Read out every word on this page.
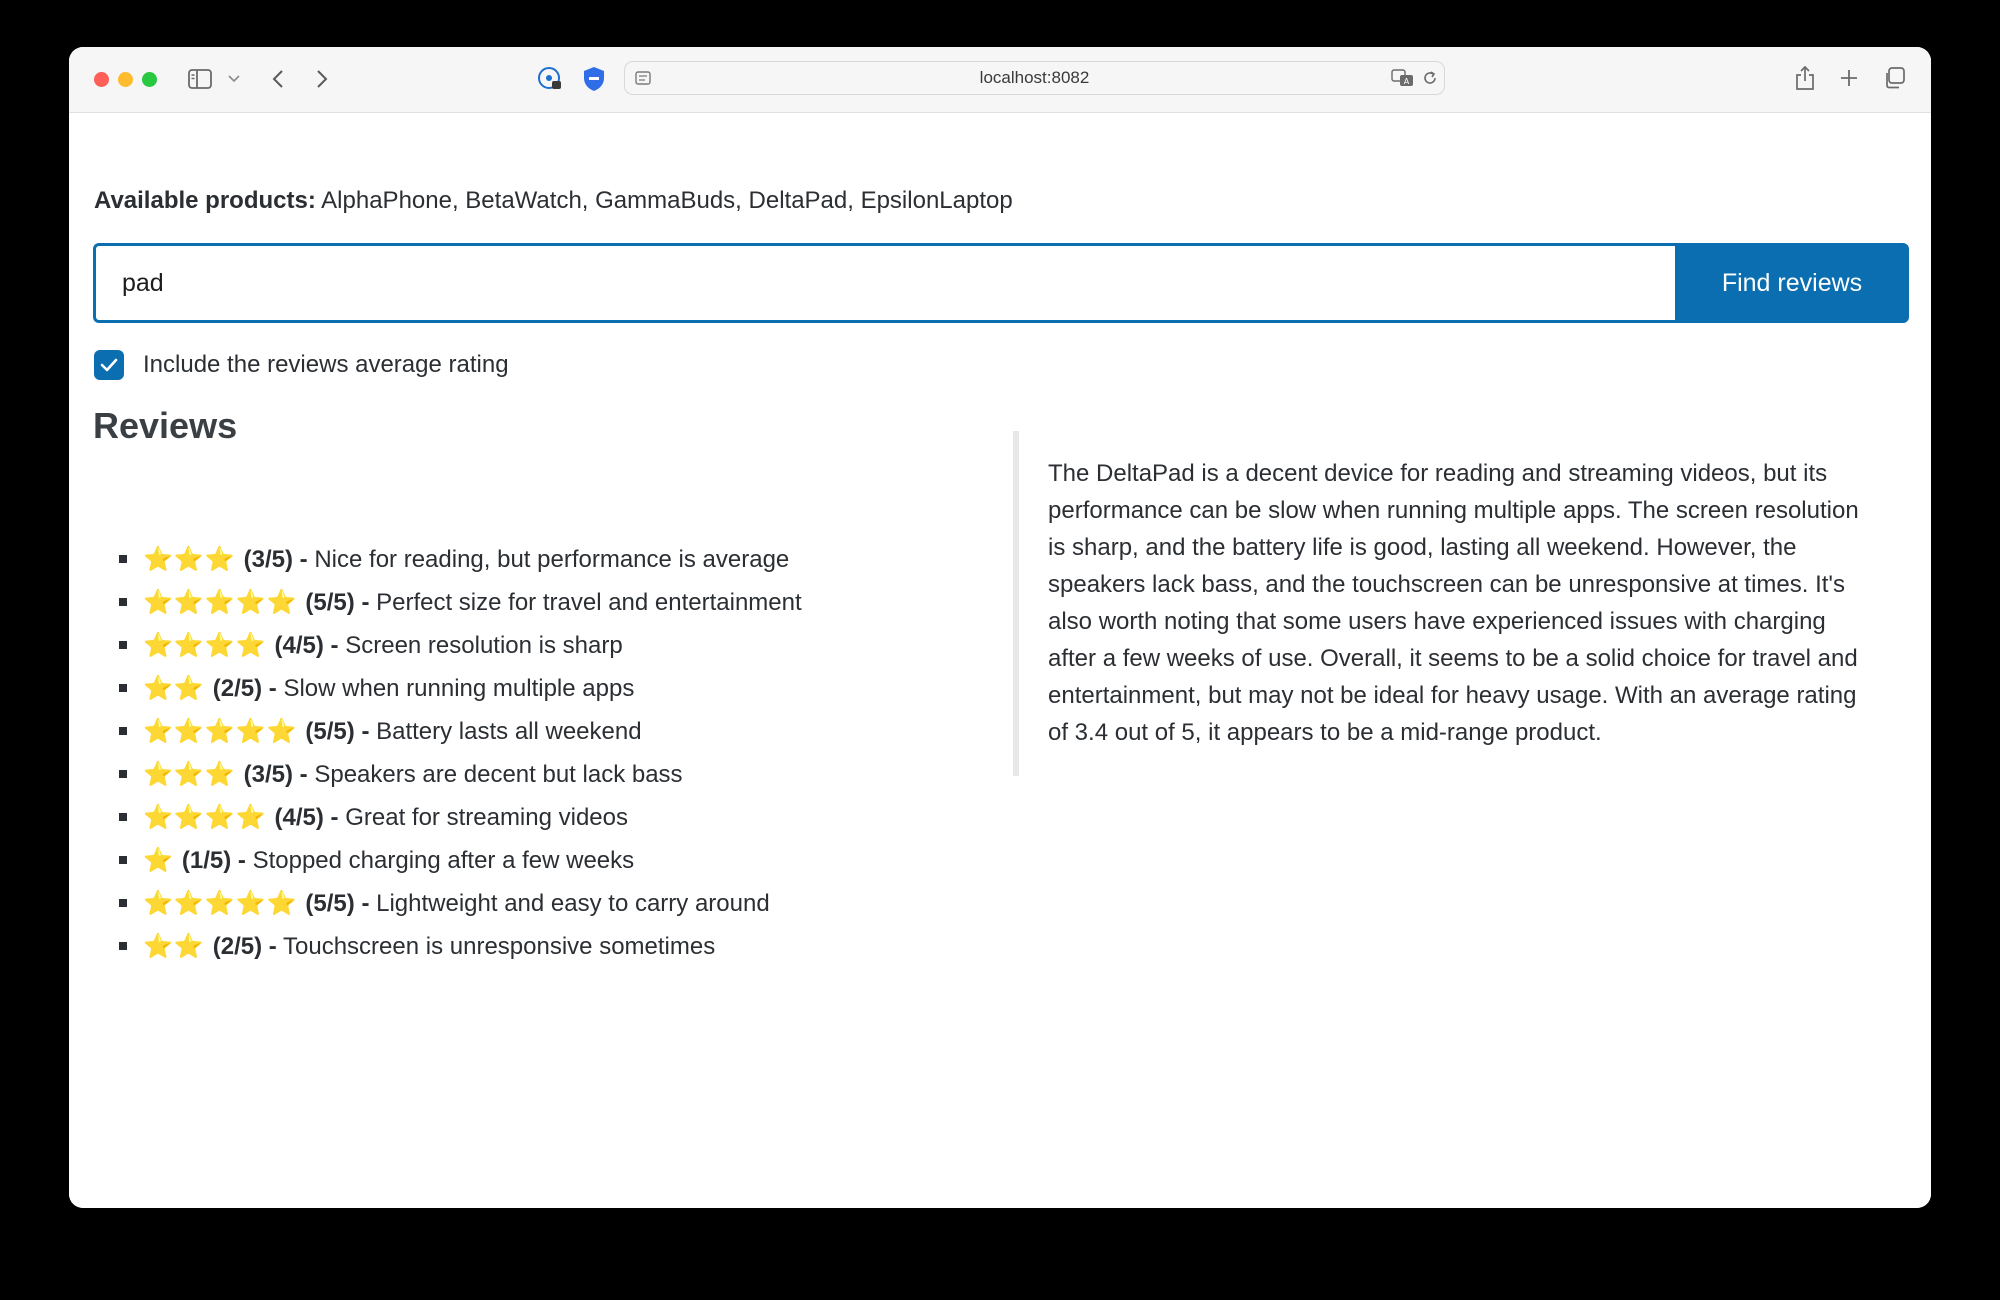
localhost:8082	A
Available products: AlphaPhone, BetaWatch, GammaBuds, DeltaPad, EpsilonLaptop
pad
Find reviews
Include the reviews average rating
Reviews
⭐⭐⭐ (3/5) - Nice for reading, but performance is average
⭐⭐⭐⭐⭐ (5/5) - Perfect size for travel and entertainment
⭐⭐⭐⭐ (4/5) - Screen resolution is sharp
⭐⭐ (2/5) - Slow when running multiple apps
⭐⭐⭐⭐⭐ (5/5) - Battery lasts all weekend
⭐⭐⭐ (3/5) - Speakers are decent but lack bass
⭐⭐⭐⭐ (4/5) - Great for streaming videos
⭐ (1/5) - Stopped charging after a few weeks
⭐⭐⭐⭐⭐ (5/5) - Lightweight and easy to carry around
⭐⭐ (2/5) - Touchscreen is unresponsive sometimes

The DeltaPad is a decent device for reading and streaming videos, but its performance can be slow when running multiple apps. The screen resolution is sharp, and the battery life is good, lasting all weekend. However, the speakers lack bass, and the touchscreen can be unresponsive at times. It's also worth noting that some users have experienced issues with charging after a few weeks of use. Overall, it seems to be a solid choice for travel and entertainment, but may not be ideal for heavy usage. With an average rating of 3.4 out of 5, it appears to be a mid-range product.
